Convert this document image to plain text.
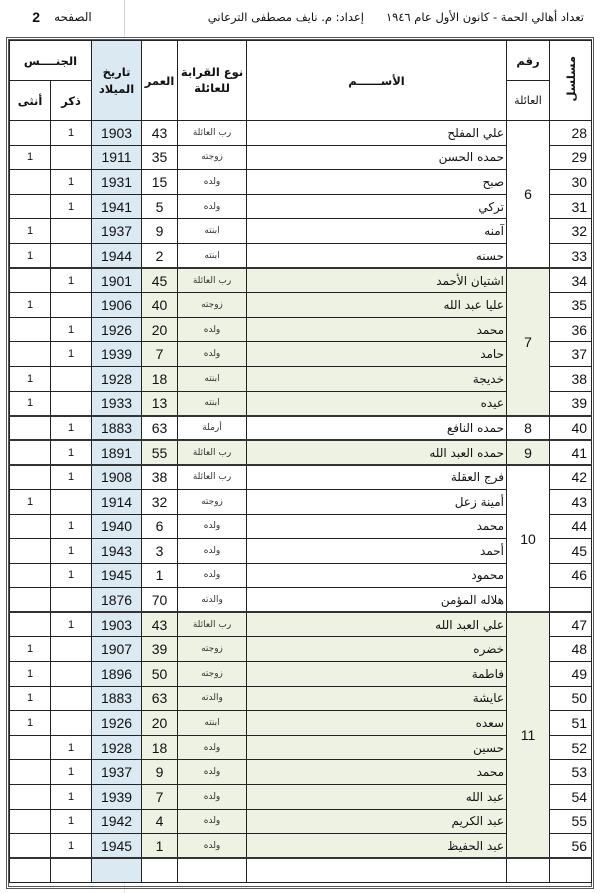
الصفحه
2	تعداد أهالي الحمة - كانون الأول عام ١٩٤٦
إعداد: م. نايف مصطفى الترعاني
مسلسل	رقم	الأســــــم	نوع القرابة للعائلة	العمر	تاريخ الميلاد	الجنــــس	
	العائلة					ذكر	أنثى
28	6	علي المفلح	رب العائلة	43	1903	1	
29		حمده الحسن	زوجته	35	1911		1
30		صبح	ولده	15	1931	1	
31		تركي	ولده	5	1941	1	
32		آمنه	ابنته	9	1937		1
33		حسنه	ابنته	2	1944		1
34	7	اشتيان الأحمد	رب العائلة	45	1901	1	
35		عليا عبد الله	زوجته	40	1906		1
36		محمد	ولده	20	1926	1	
37		حامد	ولده	7	1939	1	
38		خديجة	ابنته	18	1928		1
39		عيده	ابنته	13	1933		1
40	8	حمده النافع	أرملة	63	1883	1	
41	9	حمده العبد الله	رب العائلة	55	1891	1	
42	10	فرج العقلة	رب العائلة	38	1908	1	
43		أمينة زعل	زوجته	32	1914		1
44		محمد	ولده	6	1940	1	
45		أحمد	ولده	3	1943	1	
46		محمود	ولده	1	1945	1	
		هلاله المؤمن	والدته	70	1876		
47	11	علي العبد الله	رب العائلة	43	1903	1	
48		خضره	زوجته	39	1907		1
49		فاطمة	زوجته	50	1896		1
50		عايشة	والدته	63	1883		1
51		سعده	ابنته	20	1926		1
52		حسين	ولده	18	1928	1	
53		محمد	ولده	9	1937	1	
54		عبد الله	ولده	7	1939	1	
55		عبد الكريم	ولده	4	1942	1	
56		عبد الحفيظ	ولده	1	1945	1	
